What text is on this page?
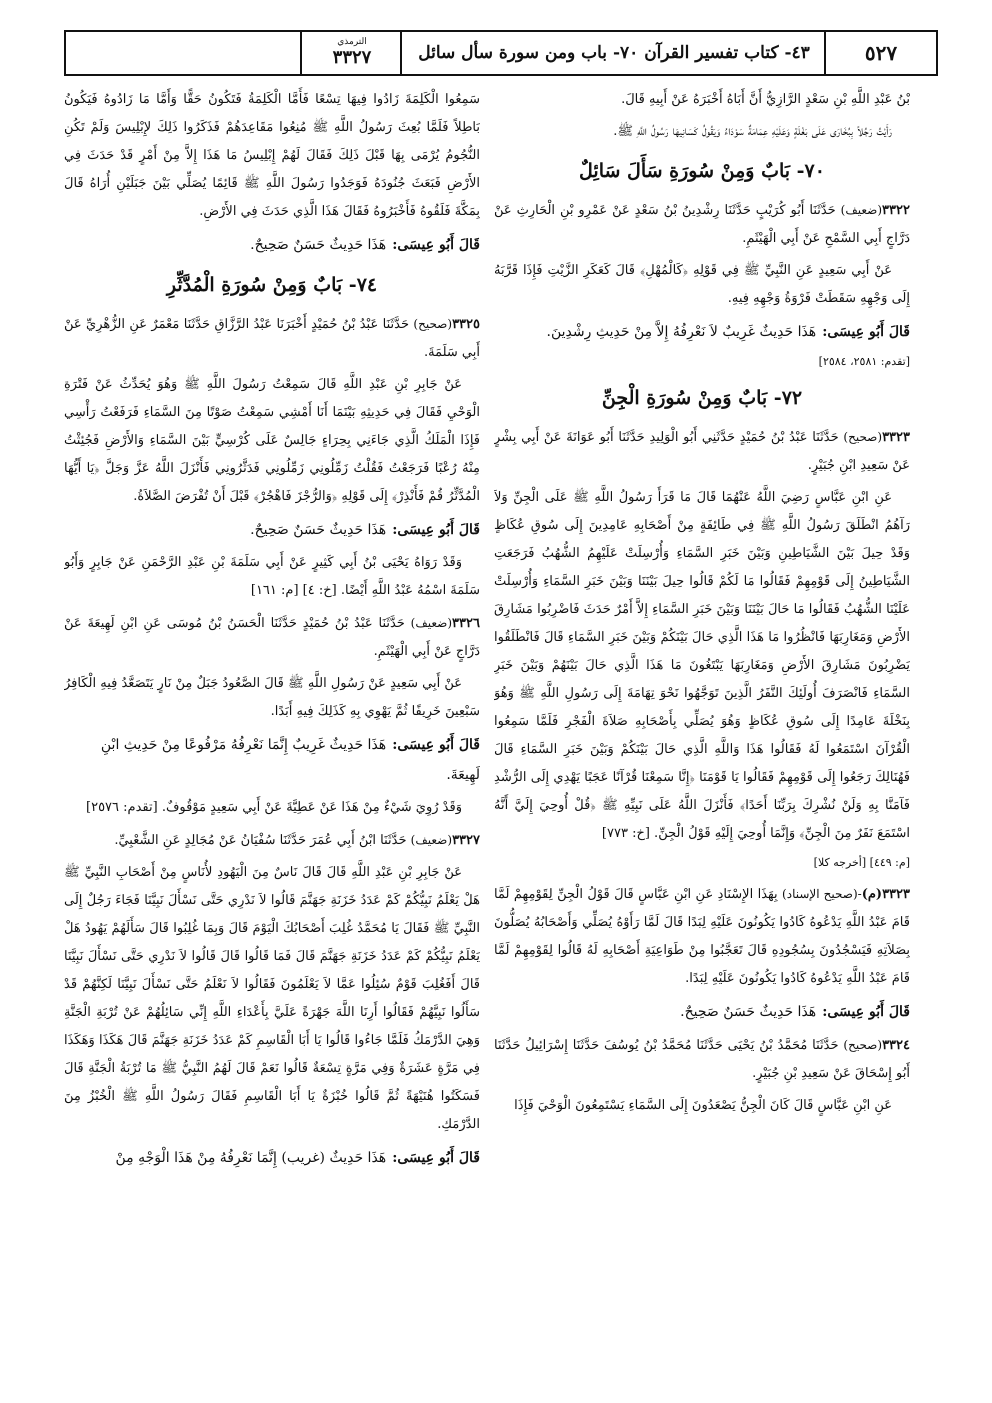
٥٢٧
٤٣- كتاب تفسير القرآن ٧٠- باب ومن سورة سأل سائل
الترمذي
٣٣٢٧
بْنُ عَبْدِ اللَّهِ بْنِ سَعْدٍ الرَّازِيُّ أَنَّ أَبَاهُ أَخْبَرَهُ عَنْ أَبِيهِ قَالَ.
رَأَيْتُ رَجُلاً بِبُخَارَى عَلَى بَغْلَةٍ وَعَلَيْهِ عِمَامَةٌ سَوْدَاءُ وَيَقُولُ كَسَانِيهَا رَسُولُ اللَّهِ ﷺ.
٧٠- بَابٌ وَمِنْ سُورَةِ سَأَلَ سَائِلٌ
٣٣٢٢(ضعيف) حَدَّثَنَا أَبُو كُرَيْبٍ حَدَّثَنَا رِشْدِينُ بْنُ سَعْدٍ عَنْ عَمْرِو بْنِ الْحَارِثِ عَنْ دَرَّاجٍ أَبِي السَّمْحِ عَنْ أَبِي الْهَيْثَمِ.
عَنْ أَبِي سَعِيدٍ عَنِ النَّبِيِّ ﷺ فِي قَوْلِهِ ﴿كَالْمُهْلِ﴾ قَالَ كَعَكَرِ الزَّيْتِ فَإِذَا قَرَّبَهُ إِلَى وَجْهِهِ سَقَطَتْ فَرْوَةُ وَجْهِهِ فِيهِ.
قَالَ أَبُو عِيسَى:هَذَا حَدِيثٌ غَرِيبٌ لاَ نَعْرِفُهُ إِلاَّ مِنْ حَدِيثِ رِشْدِينَ.
[تقدم: ٢٥٨١، ٢٥٨٤]
٧٢- بَابٌ وَمِنْ سُورَةِ الْجِنِّ
٣٣٢٣(صحيح) حَدَّثَنَا عَبْدُ بْنُ حُمَيْدٍ حَدَّثَنِي أَبُو الْوَلِيدِ حَدَّثَنَا أَبُو عَوَانَةَ عَنْ أَبِي بِشْرٍ عَنْ سَعِيدِ ابْنِ جُبَيْرٍ.
عَنِ ابْنِ عَبَّاسٍ رَضِيَ اللَّهُ عَنْهُمَا قَالَ مَا قَرَأَ رَسُولُ اللَّهِ ﷺ عَلَى الْجِنِّ وَلاَ رَآهُمُ انْطَلَقَ رَسُولُ اللَّهِ ﷺ فِي طَائِفَةٍ مِنْ أَصْحَابِهِ عَامِدِينَ إِلَى سُوقِ عُكَاظٍ وَقَدْ حِيلَ بَيْنَ الشَّيَاطِينِ وَبَيْنَ خَبَرِ السَّمَاءِ وَأُرْسِلَتْ عَلَيْهِمُ الشُّهُبُ فَرَجَعَتِ الشَّيَاطِينُ إِلَى قَوْمِهِمْ فَقَالُوا مَا لَكُمْ قَالُوا حِيلَ بَيْنَنَا وَبَيْنَ خَبَرِ السَّمَاءِ وَأُرْسِلَتْ عَلَيْنَا الشُّهُبُ فَقَالُوا مَا حَالَ بَيْنَنَا وَبَيْنَ خَبَرِ السَّمَاءِ إِلاَّ أَمْرٌ حَدَثَ فَاضْرِبُوا مَشَارِقَ الأَرْضِ وَمَغَارِبَهَا فَانْظُرُوا مَا هَذَا الَّذِي حَالَ بَيْنَكُمْ وَبَيْنَ خَبَرِ السَّمَاءِ قَالَ فَانْطَلَقُوا يَضْرِبُونَ مَشَارِقَ الأَرْضِ وَمَغَارِبَهَا يَبْتَغُونَ مَا هَذَا الَّذِي حَالَ بَيْنَهُمْ وَبَيْنَ خَبَرِ السَّمَاءِ فَانْصَرَفَ أُولَئِكَ النَّفَرُ الَّذِينَ تَوَجَّهُوا نَحْوَ تِهَامَةَ إِلَى رَسُولِ اللَّهِ ﷺ وَهُوَ بِنَخْلَةَ عَامِدًا إِلَى سُوقِ عُكَاظٍ وَهُوَ يُصَلِّي بِأَصْحَابِهِ صَلاَةَ الْفَجْرِ فَلَمَّا سَمِعُوا الْقُرْآنَ اسْتَمَعُوا لَهُ فَقَالُوا هَذَا وَاللَّهِ الَّذِي حَالَ بَيْنَكُمْ وَبَيْنَ خَبَرِ السَّمَاءِ قَالَ فَهُنَالِكَ رَجَعُوا إِلَى قَوْمِهِمْ فَقَالُوا يَا قَوْمَنَا ﴿إِنَّا سَمِعْنَا قُرْآنًا عَجَبًا يَهْدِي إِلَى الرُّشْدِ فَآمَنَّا بِهِ وَلَنْ نُشْرِكَ بِرَبِّنَا أَحَدًا﴾ فَأَنْزَلَ اللَّهُ عَلَى نَبِيِّهِ ﷺ ﴿قُلْ أُوحِيَ إِلَيَّ أَنَّهُ اسْتَمَعَ نَفَرٌ مِنَ الْجِنِّ﴾ وَإِنَّمَا أُوحِيَ إِلَيْهِ قَوْلُ الْجِنِّ. [خ: ٧٧٣]
[م: ٤٤٩] [أخرجه كلا]
٣٣٢٣(م)-(صحيح الإسناد) بِهَذَا الإِسْنَادِ عَنِ ابْنِ عَبَّاسٍ قَالَ قَوْلُ الْجِنِّ لِقَوْمِهِمْ لَمَّا قَامَ عَبْدُ اللَّهِ يَدْعُوهُ كَادُوا يَكُونُونَ عَلَيْهِ لِبَدًا قَالَ لَمَّا رَأَوْهُ يُصَلِّي وَأَصْحَابُهُ يُصَلُّونَ بِصَلاَتِهِ فَيَسْجُدُونَ بِسُجُودِهِ قَالَ تَعَجَّبُوا مِنْ طَوَاعِيَةِ أَصْحَابِهِ لَهُ قَالُوا لِقَوْمِهِمْ لَمَّا قَامَ عَبْدُ اللَّهِ يَدْعُوهُ كَادُوا يَكُونُونَ عَلَيْهِ لِبَدًا.
قَالَ أَبُو عِيسَى:هَذَا حَدِيثٌ حَسَنٌ صَحِيحٌ.
٣٣٢٤(صحيح) حَدَّثَنَا مُحَمَّدُ بْنُ يَحْيَى حَدَّثَنَا مُحَمَّدُ بْنُ يُوسُفَ حَدَّثَنَا إِسْرَائِيلُ حَدَّثَنَا أَبُو إِسْحَاقَ عَنْ سَعِيدِ بْنِ جُبَيْرٍ.
عَنِ ابْنِ عَبَّاسٍ قَالَ كَانَ الْجِنُّ يَصْعَدُونَ إِلَى السَّمَاءِ يَسْتَمِعُونَ الْوَحْيَ فَإِذَا
سَمِعُوا الْكَلِمَةَ زَادُوا فِيهَا تِسْعًا فَأَمَّا الْكَلِمَةُ فَتَكُونُ حَقًّا وَأَمَّا مَا زَادُوهُ فَيَكُونُ بَاطِلاً فَلَمَّا بُعِثَ رَسُولُ اللَّهِ ﷺ مُنِعُوا مَقَاعِدَهُمْ فَذَكَرُوا ذَلِكَ لإِبْلِيسَ وَلَمْ تَكُنِ النُّجُومُ يُرْمَى بِهَا قَبْلَ ذَلِكَ فَقَالَ لَهُمْ إِبْلِيسُ مَا هَذَا إِلاَّ مِنْ أَمْرٍ قَدْ حَدَثَ فِي الأَرْضِ فَبَعَثَ جُنُودَهُ فَوَجَدُوا رَسُولَ اللَّهِ ﷺ قَائِمًا يُصَلِّي بَيْنَ جَبَلَيْنِ أُرَاهُ قَالَ بِمَكَّةَ فَلَقُوهُ فَأَخْبَرُوهُ فَقَالَ هَذَا الَّذِي حَدَثَ فِي الأَرْضِ.
قَالَ أَبُو عِيسَى:هَذَا حَدِيثٌ حَسَنٌ صَحِيحٌ.
٧٤- بَابٌ وَمِنْ سُورَةِ الْمُدَّثِّرِ
٣٣٢٥(صحيح) حَدَّثَنَا عَبْدُ بْنُ حُمَيْدٍ أَخْبَرَنَا عَبْدُ الرَّزَّاقِ حَدَّثَنَا مَعْمَرٌ عَنِ الزُّهْرِيِّ عَنْ أَبِي سَلَمَةَ.
عَنْ جَابِرِ بْنِ عَبْدِ اللَّهِ قَالَ سَمِعْتُ رَسُولَ اللَّهِ ﷺ وَهُوَ يُحَدِّثُ عَنْ فَتْرَةِ الْوَحْيِ فَقَالَ فِي حَدِيثِهِ بَيْنَمَا أَنَا أَمْشِي سَمِعْتُ صَوْتًا مِنَ السَّمَاءِ فَرَفَعْتُ رَأْسِي فَإِذَا الْمَلَكُ الَّذِي جَاءَنِي بِحِرَاءٍ جَالِسٌ عَلَى كُرْسِيٍّ بَيْنَ السَّمَاءِ وَالأَرْضِ فَجُئِثْتُ مِنْهُ رُعْبًا فَرَجَعْتُ فَقُلْتُ زَمِّلُونِي زَمِّلُونِي فَدَثَّرُونِي فَأَنْزَلَ اللَّهُ عَزَّ وَجَلَّ ﴿يَا أَيُّهَا الْمُدَّثِّرُ قُمْ فَأَنْذِرْ﴾ إِلَى قَوْلِهِ ﴿وَالرُّجْزَ فَاهْجُرْ﴾ قَبْلَ أَنْ تُفْرَضَ الصَّلاَةُ.
قَالَ أَبُو عِيسَى:هَذَا حَدِيثٌ حَسَنٌ صَحِيحٌ.
وَقَدْ رَوَاهُ يَحْيَى بْنُ أَبِي كَثِيرٍ عَنْ أَبِي سَلَمَةَ بْنِ عَبْدِ الرَّحْمَنِ عَنْ جَابِرٍ وَأَبُو سَلَمَةَ اسْمُهُ عَبْدُ اللَّهِ أَيْضًا. [خ: ٤] [م: ١٦١]
٣٣٢٦(ضعيف) حَدَّثَنَا عَبْدُ بْنُ حُمَيْدٍ حَدَّثَنَا الْحَسَنُ بْنُ مُوسَى عَنِ ابْنِ لَهِيعَةَ عَنْ دَرَّاجٍ عَنْ أَبِي الْهَيْثَمِ.
عَنْ أَبِي سَعِيدٍ عَنْ رَسُولِ اللَّهِ ﷺ قَالَ الصَّعُودُ جَبَلٌ مِنْ نَارٍ يَتَصَعَّدُ فِيهِ الْكَافِرُ سَبْعِينَ خَرِيفًا ثُمَّ يَهْوِي بِهِ كَذَلِكَ فِيهِ أَبَدًا.
قَالَ أَبُو عِيسَى:هَذَا حَدِيثٌ غَرِيبٌ إِنَّمَا نَعْرِفُهُ مَرْفُوعًا مِنْ حَدِيثِ ابْنِ لَهِيعَةَ.
وَقَدْ رُوِيَ شَيْءٌ مِنْ هَذَا عَنْ عَطِيَّةَ عَنْ أَبِي سَعِيدٍ مَوْقُوفٌ. [تقدم: ٢٥٧٦]
٣٣٢٧(ضعيف) حَدَّثَنَا ابْنُ أَبِي عُمَرَ حَدَّثَنَا سُفْيَانُ عَنْ مُجَالِدٍ عَنِ الشَّعْبِيِّ.
عَنْ جَابِرِ بْنِ عَبْدِ اللَّهِ قَالَ قَالَ نَاسٌ مِنَ الْيَهُودِ لأُنَاسٍ مِنْ أَصْحَابِ النَّبِيِّ ﷺ هَلْ يَعْلَمُ نَبِيُّكُمْ كَمْ عَدَدُ خَزَنَةِ جَهَنَّمَ قَالُوا لاَ نَدْرِي حَتَّى نَسْأَلَ نَبِيَّنَا فَجَاءَ رَجُلٌ إِلَى النَّبِيِّ ﷺ فَقَالَ يَا مُحَمَّدُ غُلِبَ أَصْحَابُكَ الْيَوْمَ قَالَ وَبِمَا غُلِبُوا قَالَ سَأَلَهُمْ يَهُودُ هَلْ يَعْلَمُ نَبِيُّكُمْ كَمْ عَدَدُ خَزَنَةِ جَهَنَّمَ قَالَ فَمَا قَالُوا قَالَ قَالُوا لاَ نَدْرِي حَتَّى نَسْأَلَ نَبِيَّنَا قَالَ أَفَغُلِبَ قَوْمٌ سُئِلُوا عَمَّا لاَ يَعْلَمُونَ فَقَالُوا لاَ نَعْلَمُ حَتَّى نَسْأَلَ نَبِيَّنَا لَكِنَّهُمْ قَدْ سَأَلُوا نَبِيَّهُمْ فَقَالُوا أَرِنَا اللَّهَ جَهْرَةً عَلَيَّ بِأَعْدَاءِ اللَّهِ إِنِّي سَائِلُهُمْ عَنْ تُرْبَةِ الْجَنَّةِ وَهِيَ الدَّرْمَكُ فَلَمَّا جَاءُوا قَالُوا يَا أَبَا الْقَاسِمِ كَمْ عَدَدُ خَزَنَةِ جَهَنَّمَ قَالَ هَكَذَا وَهَكَذَا فِي مَرَّةٍ عَشَرَةٌ وَفِي مَرَّةٍ تِسْعَةٌ قَالُوا نَعَمْ قَالَ لَهُمُ النَّبِيُّ ﷺ مَا تُرْبَةُ الْجَنَّةِ قَالَ فَسَكَتُوا هُنَيْهَةً ثُمَّ قَالُوا خُبْزَةٌ يَا أَبَا الْقَاسِمِ فَقَالَ رَسُولُ اللَّهِ ﷺ الْخُبْزُ مِنَ الدَّرْمَكِ.
قَالَ أَبُو عِيسَى:هَذَا حَدِيثٌ (غريب) إِنَّمَا نَعْرِفُهُ مِنْ هَذَا الْوَجْهِ مِنْ
